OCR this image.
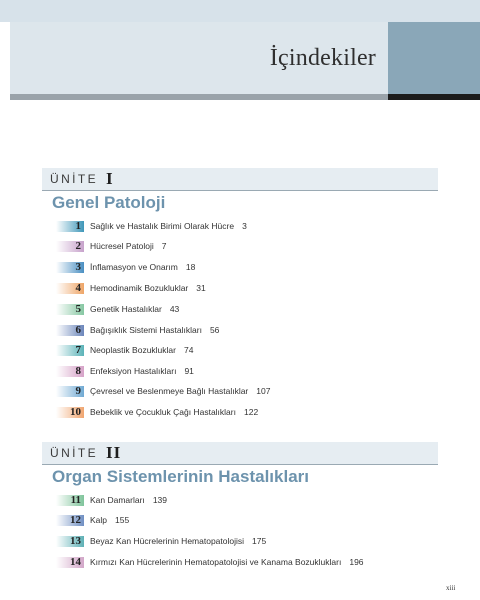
İçindekiler
ÜNİTE I
Genel Patoloji
1 Sağlık ve Hastalık Birimi Olarak Hücre 3
2 Hücresel Patoloji 7
3 İnflamasyon ve Onarım 18
4 Hemodinamik Bozukluklar 31
5 Genetik Hastalıklar 43
6 Bağışıklık Sistemi Hastalıkları 56
7 Neoplastik Bozukluklar 74
8 Enfeksiyon Hastalıkları 91
9 Çevresel ve Beslenmeye Bağlı Hastalıklar 107
10 Bebeklik ve Çocukluk Çağı Hastalıkları 122
ÜNİTE II
Organ Sistemlerinin Hastalıkları
11 Kan Damarları 139
12 Kalp 155
13 Beyaz Kan Hücrelerinin Hematopatolojisi 175
14 Kırmızı Kan Hücrelerinin Hematopatolojisi ve Kanama Bozuklukları 196
xiii
